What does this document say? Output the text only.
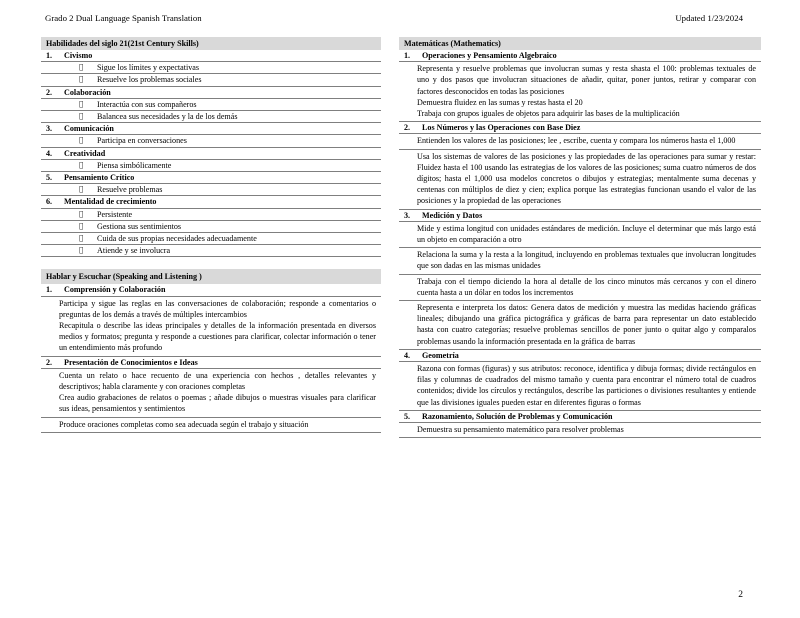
Grado 2 Dual Language Spanish Translation	Updated 1/23/2024
Habilidades del siglo 21(21st Century Skills)
1.	Civismo
Sigue los límites y expectativas
Resuelve los problemas sociales
2.	Colaboración
Interactúa con sus compañeros
Balancea sus necesidades y la de los demás
3.	Comunicación
Participa en conversaciones
4.	Creatividad
Piensa simbólicamente
5.	Pensamiento Crítico
Resuelve problemas
6.	Mentalidad de crecimiento
Persistente
Gestiona sus sentimientos
Cuida de sus propias necesidades adecuadamente
Atiende y se involucra
Hablar y Escuchar (Speaking and Listening )
1.	Comprensión y Colaboración
Participa y sigue las reglas en las conversaciones de colaboración; responde a comentarios o preguntas de los demás a través de múltiples intercambios
Recapitula o describe las ideas principales y detalles de la información presentada en diversos medios y formatos; pregunta y responde a cuestiones para clarificar, colectar información o tener un entendimiento más profundo
2.	Presentación de Conocimientos e Ideas
Cuenta un relato o hace recuento de una experiencia con hechos , detalles relevantes y descriptivos; habla claramente y con oraciones completas
Crea audio grabaciones de relatos o poemas ; añade dibujos o muestras visuales para clarificar sus ideas, pensamientos y sentimientos
Produce oraciones completas como sea adecuada según el trabajo y situación
Matemáticas (Mathematics)
1.	Operaciones y Pensamiento Algebraico
Representa y resuelve problemas que involucran sumas y resta shasta el 100: problemas textuales de uno y dos pasos que involucran situaciones de añadir, quitar, poner juntos, retirar y comparar con factores desconocidos en todas las posiciones
Demuestra fluidez en las sumas y restas hasta el 20
Trabaja con grupos iguales de objetos para adquirir las bases de la multiplicación
2.	Los Números y las Operaciones con Base Diez
Entienden los valores de las posiciones; lee , escribe, cuenta y compara los números hasta el 1,000
Usa los sistemas de valores de las posiciones y las propiedades de las operaciones para sumar y restar: Fluidez hasta el 100 usando las estrategias de los valores de las posiciones; suma cuatro números de dos dígitos; hasta el 1,000 usa modelos concretos o dibujos y estrategias; mentalmente suma decenas y centenas con múltiplos de diez y cien; explica porque las estrategias funcionan usando el valor de las posiciones y la propiedad de las operaciones
3.	Medición y Datos
Mide y estima longitud con unidades estándares de medición. Incluye el determinar que más largo está un objeto en comparación a otro
Relaciona la suma y la resta a la longitud, incluyendo en problemas textuales que involucran longitudes que son dadas en las mismas unidades
Trabaja con el tiempo diciendo la hora al detalle de los cinco minutos más cercanos y con el dinero cuenta hasta a un dólar en todos los incrementos
Representa e interpreta los datos: Genera datos de medición y muestra las medidas haciendo gráficas lineales; dibujando una gráfica pictográfica y gráficas de barra para representar un dato establecido hasta con cuatro categorías; resuelve problemas sencillos de poner junto o quitar algo y comparalos problemas usando la información presentada en la gráfica de barras
4.	Geometría
Razona con formas (figuras) y sus atributos: reconoce, identifica y dibuja formas; divide rectángulos en filas y columnas de cuadrados del mismo tamaño y cuenta para encontrar el número total de cuadros contenidos; divide los círculos y rectángulos, describe las particiones o divisiones resultantes y entiende que las divisiones iguales pueden estar en diferentes figuras o formas
5.	Razonamiento, Solución de Problemas y Comunicación
Demuestra su pensamiento matemático para resolver problemas
2
